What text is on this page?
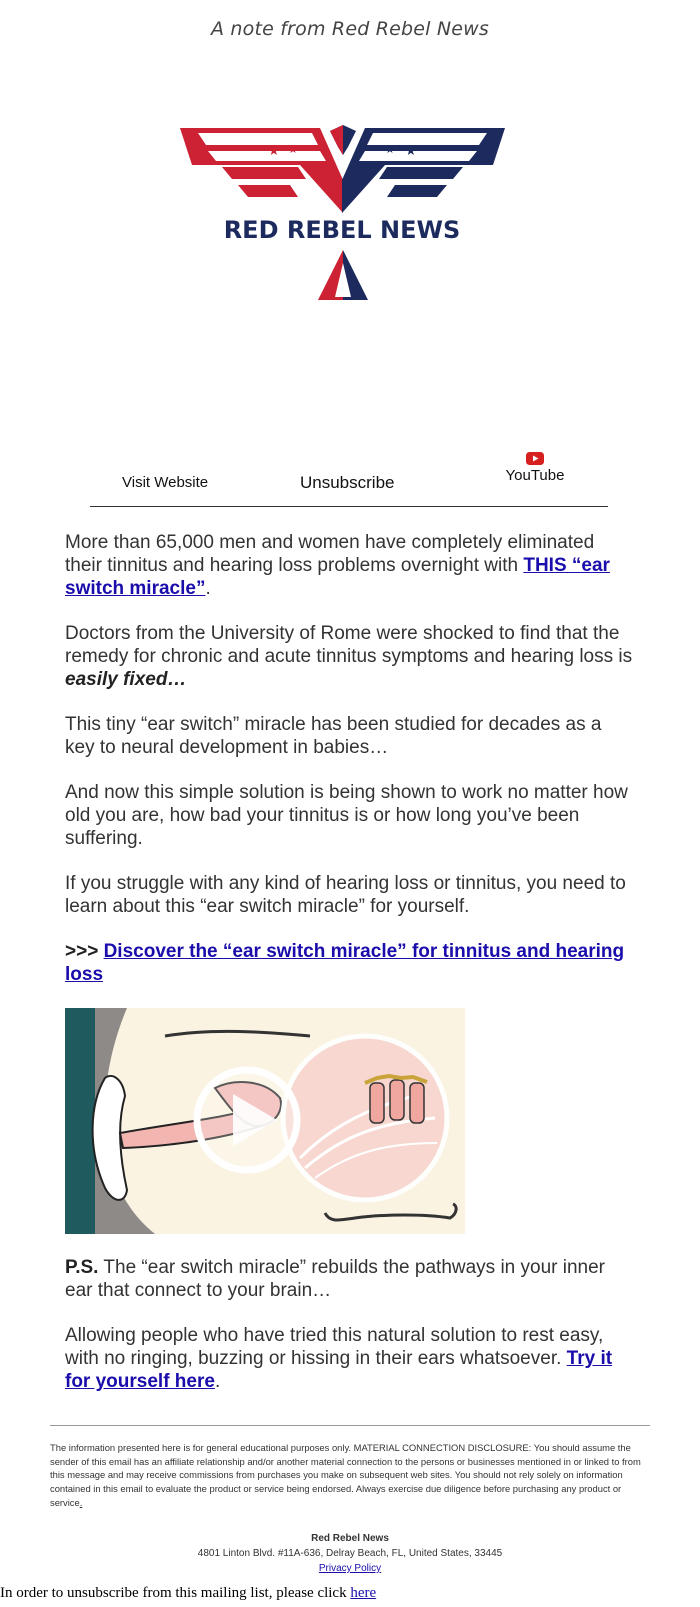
A note from Red Rebel News
★ ★	★ ★
RED REBEL NEWS
Visit Website	Unsubscribe	YouTube

More than 65,000 men and women have completely eliminated their tinnitus and hearing loss problems overnight with THIS “ear switch miracle”.

Doctors from the University of Rome were shocked to find that the remedy for chronic and acute tinnitus symptoms and hearing loss is easily fixed…

This tiny “ear switch” miracle has been studied for decades as a key to neural development in babies…

And now this simple solution is being shown to work no matter how old you are, how bad your tinnitus is or how long you’ve been suffering.

If you struggle with any kind of hearing loss or tinnitus, you need to learn about this “ear switch miracle” for yourself.

>>> Discover the “ear switch miracle” for tinnitus and hearing loss

P.S. The “ear switch miracle” rebuilds the pathways in your inner ear that connect to your brain…

Allowing people who have tried this natural solution to rest easy, with no ringing, buzzing or hissing in their ears whatsoever. Try it for yourself here.

The information presented here is for general educational purposes only. MATERIAL CONNECTION DISCLOSURE: You should assume the sender of this email has an affiliate relationship and/or another material connection to the persons or businesses mentioned in or linked to from this message and may receive commissions from purchases you make on subsequent web sites. You should not rely solely on information contained in this email to evaluate the product or service being endorsed. Always exercise due diligence before purchasing any product or service.
Red Rebel News
4801 Linton Blvd. #11A-636, Delray Beach, FL, United States, 33445
Privacy Policy
In order to unsubscribe from this mailing list, please click here
